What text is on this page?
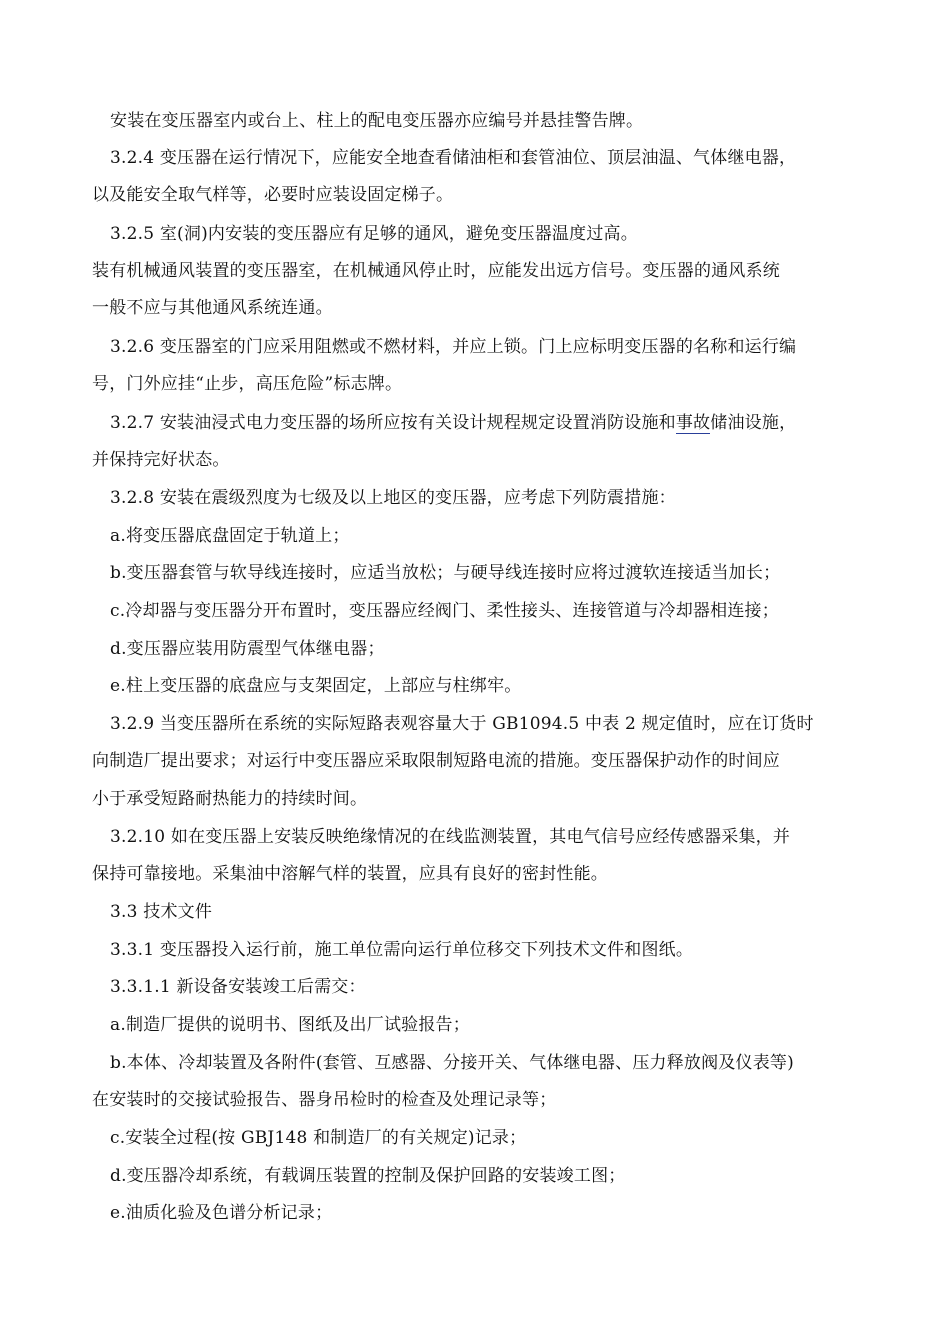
安装在变压器室内或台上、柱上的配电变压器亦应编号并悬挂警告牌。
3.2.4 变压器在运行情况下，应能安全地查看储油柜和套管油位、顶层油温、气体继电器，
以及能安全取气样等，必要时应装设固定梯子。
3.2.5 室(洞)内安装的变压器应有足够的通风，避免变压器温度过高。
装有机械通风装置的变压器室，在机械通风停止时，应能发出远方信号。变压器的通风系统
一般不应与其他通风系统连通。
3.2.6 变压器室的门应采用阻燃或不燃材料，并应上锁。门上应标明变压器的名称和运行编
号，门外应挂“止步，高压危险”标志牌。
3.2.7 安装油浸式电力变压器的场所应按有关设计规程规定设置消防设施和事故储油设施，
并保持完好状态。
3.2.8 安装在震级烈度为七级及以上地区的变压器，应考虑下列防震措施：
a.将变压器底盘固定于轨道上；
b.变压器套管与软导线连接时，应适当放松；与硬导线连接时应将过渡软连接适当加长；
c.冷却器与变压器分开布置时，变压器应经阀门、柔性接头、连接管道与冷却器相连接；
d.变压器应装用防震型气体继电器；
e.柱上变压器的底盘应与支架固定，上部应与柱绑牢。
3.2.9 当变压器所在系统的实际短路表观容量大于 GB1094.5 中表 2 规定值时，应在订货时
向制造厂提出要求；对运行中变压器应采取限制短路电流的措施。变压器保护动作的时间应
小于承受短路耐热能力的持续时间。
3.2.10 如在变压器上安装反映绝缘情况的在线监测装置，其电气信号应经传感器采集，并
保持可靠接地。采集油中溶解气样的装置，应具有良好的密封性能。
3.3 技术文件
3.3.1 变压器投入运行前，施工单位需向运行单位移交下列技术文件和图纸。
3.3.1.1 新设备安装竣工后需交：
a.制造厂提供的说明书、图纸及出厂试验报告；
b.本体、冷却装置及各附件(套管、互感器、分接开关、气体继电器、压力释放阀及仪表等)
在安装时的交接试验报告、器身吊检时的检查及处理记录等；
c.安装全过程(按 GBJ148 和制造厂的有关规定)记录；
d.变压器冷却系统，有载调压装置的控制及保护回路的安装竣工图；
e.油质化验及色谱分析记录；
